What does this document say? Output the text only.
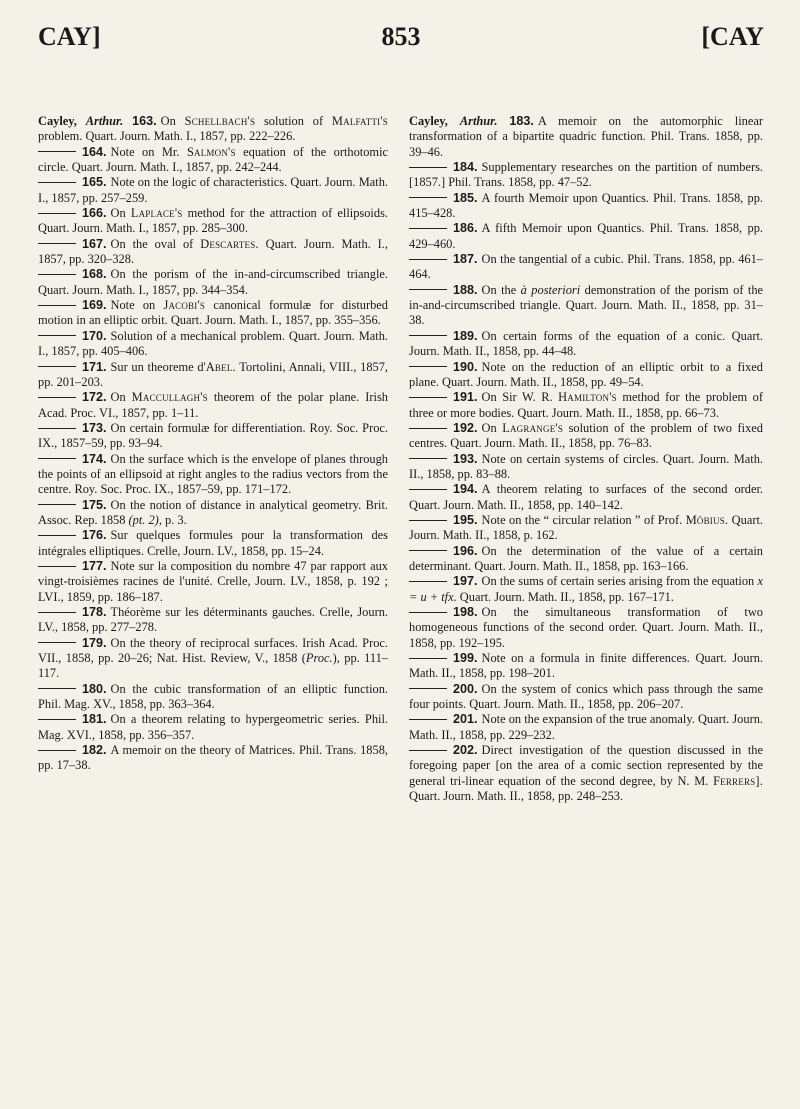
CAY]	853	[CAY

Cayley, Arthur. 163. On Schellbach's solution of Malfatti's problem. Quart. Journ. Math. I., 1857, pp. 222–226.

164. Note on Mr. Salmon's equation of the orthotomic circle. Quart. Journ. Math. I., 1857, pp. 242–244.

165. Note on the logic of characteristics. Quart. Journ. Math. I., 1857, pp. 257–259.

166. On Laplace's method for the attraction of ellipsoids. Quart. Journ. Math. I., 1857, pp. 285–300.

167. On the oval of Descartes. Quart. Journ. Math. I., 1857, pp. 320–328.

168. On the porism of the in-and-circumscribed triangle. Quart. Journ. Math. I., 1857, pp. 344–354.

169. Note on Jacobi's canonical formulæ for disturbed motion in an elliptic orbit. Quart. Journ. Math. I., 1857, pp. 355–356.

170. Solution of a mechanical problem. Quart. Journ. Math. I., 1857, pp. 405–406.

171. Sur un theoreme d'Abel. Tortolini, Annali, VIII., 1857, pp. 201–203.

172. On Maccullagh's theorem of the polar plane. Irish Acad. Proc. VI., 1857, pp. 1–11.

173. On certain formulæ for differentiation. Roy. Soc. Proc. IX., 1857–59, pp. 93–94.

174. On the surface which is the envelope of planes through the points of an ellipsoid at right angles to the radius vectors from the centre. Roy. Soc. Proc. IX., 1857–59, pp. 171–172.

175. On the notion of distance in analytical geometry. Brit. Assoc. Rep. 1858 (pt. 2), p. 3.

176. Sur quelques formules pour la transformation des intégrales elliptiques. Crelle, Journ. LV., 1858, pp. 15–24.

177. Note sur la composition du nombre 47 par rapport aux vingt-troisièmes racines de l'unité. Crelle, Journ. LV., 1858, p. 192 ; LVI., 1859, pp. 186–187.

178. Théorème sur les déterminants gauches. Crelle, Journ. LV., 1858, pp. 277–278.

179. On the theory of reciprocal surfaces. Irish Acad. Proc. VII., 1858, pp. 20–26; Nat. Hist. Review, V., 1858 (Proc.), pp. 111–117.

180. On the cubic transformation of an elliptic function. Phil. Mag. XV., 1858, pp. 363–364.

181. On a theorem relating to hypergeometric series. Phil. Mag. XVI., 1858, pp. 356–357.

182. A memoir on the theory of Matrices. Phil. Trans. 1858, pp. 17–38.

Cayley, Arthur. 183. A memoir on the automorphic linear transformation of a bipartite quadric function. Phil. Trans. 1858, pp. 39–46.

184. Supplementary researches on the partition of numbers. [1857.] Phil. Trans. 1858, pp. 47–52.

185. A fourth Memoir upon Quantics. Phil. Trans. 1858, pp. 415–428.

186. A fifth Memoir upon Quantics. Phil. Trans. 1858, pp. 429–460.

187. On the tangential of a cubic. Phil. Trans. 1858, pp. 461–464.

188. On the à posteriori demonstration of the porism of the in-and-circumscribed triangle. Quart. Journ. Math. II., 1858, pp. 31–38.

189. On certain forms of the equation of a conic. Quart. Journ. Math. II., 1858, pp. 44–48.

190. Note on the reduction of an elliptic orbit to a fixed plane. Quart. Journ. Math. II., 1858, pp. 49–54.

191. On Sir W. R. Hamilton's method for the problem of three or more bodies. Quart. Journ. Math. II., 1858, pp. 66–73.

192. On Lagrange's solution of the problem of two fixed centres. Quart. Journ. Math. II., 1858, pp. 76–83.

193. Note on certain systems of circles. Quart. Journ. Math. II., 1858, pp. 83–88.

194. A theorem relating to surfaces of the second order. Quart. Journ. Math. II., 1858, pp. 140–142.

195. Note on the “ circular relation ” of Prof. Möbius. Quart. Journ. Math. II., 1858, p. 162.

196. On the determination of the value of a certain determinant. Quart. Journ. Math. II., 1858, pp. 163–166.

197. On the sums of certain series arising from the equation x = u + tfx. Quart. Journ. Math. II., 1858, pp. 167–171.

198. On the simultaneous transformation of two homogeneous functions of the second order. Quart. Journ. Math. II., 1858, pp. 192–195.

199. Note on a formula in finite differences. Quart. Journ. Math. II., 1858, pp. 198–201.

200. On the system of conics which pass through the same four points. Quart. Journ. Math. II., 1858, pp. 206–207.

201. Note on the expansion of the true anomaly. Quart. Journ. Math. II., 1858, pp. 229–232.

202. Direct investigation of the question discussed in the foregoing paper [on the area of a comic section represented by the general tri-linear equation of the second degree, by N. M. Ferrers]. Quart. Journ. Math. II., 1858, pp. 248–253.
